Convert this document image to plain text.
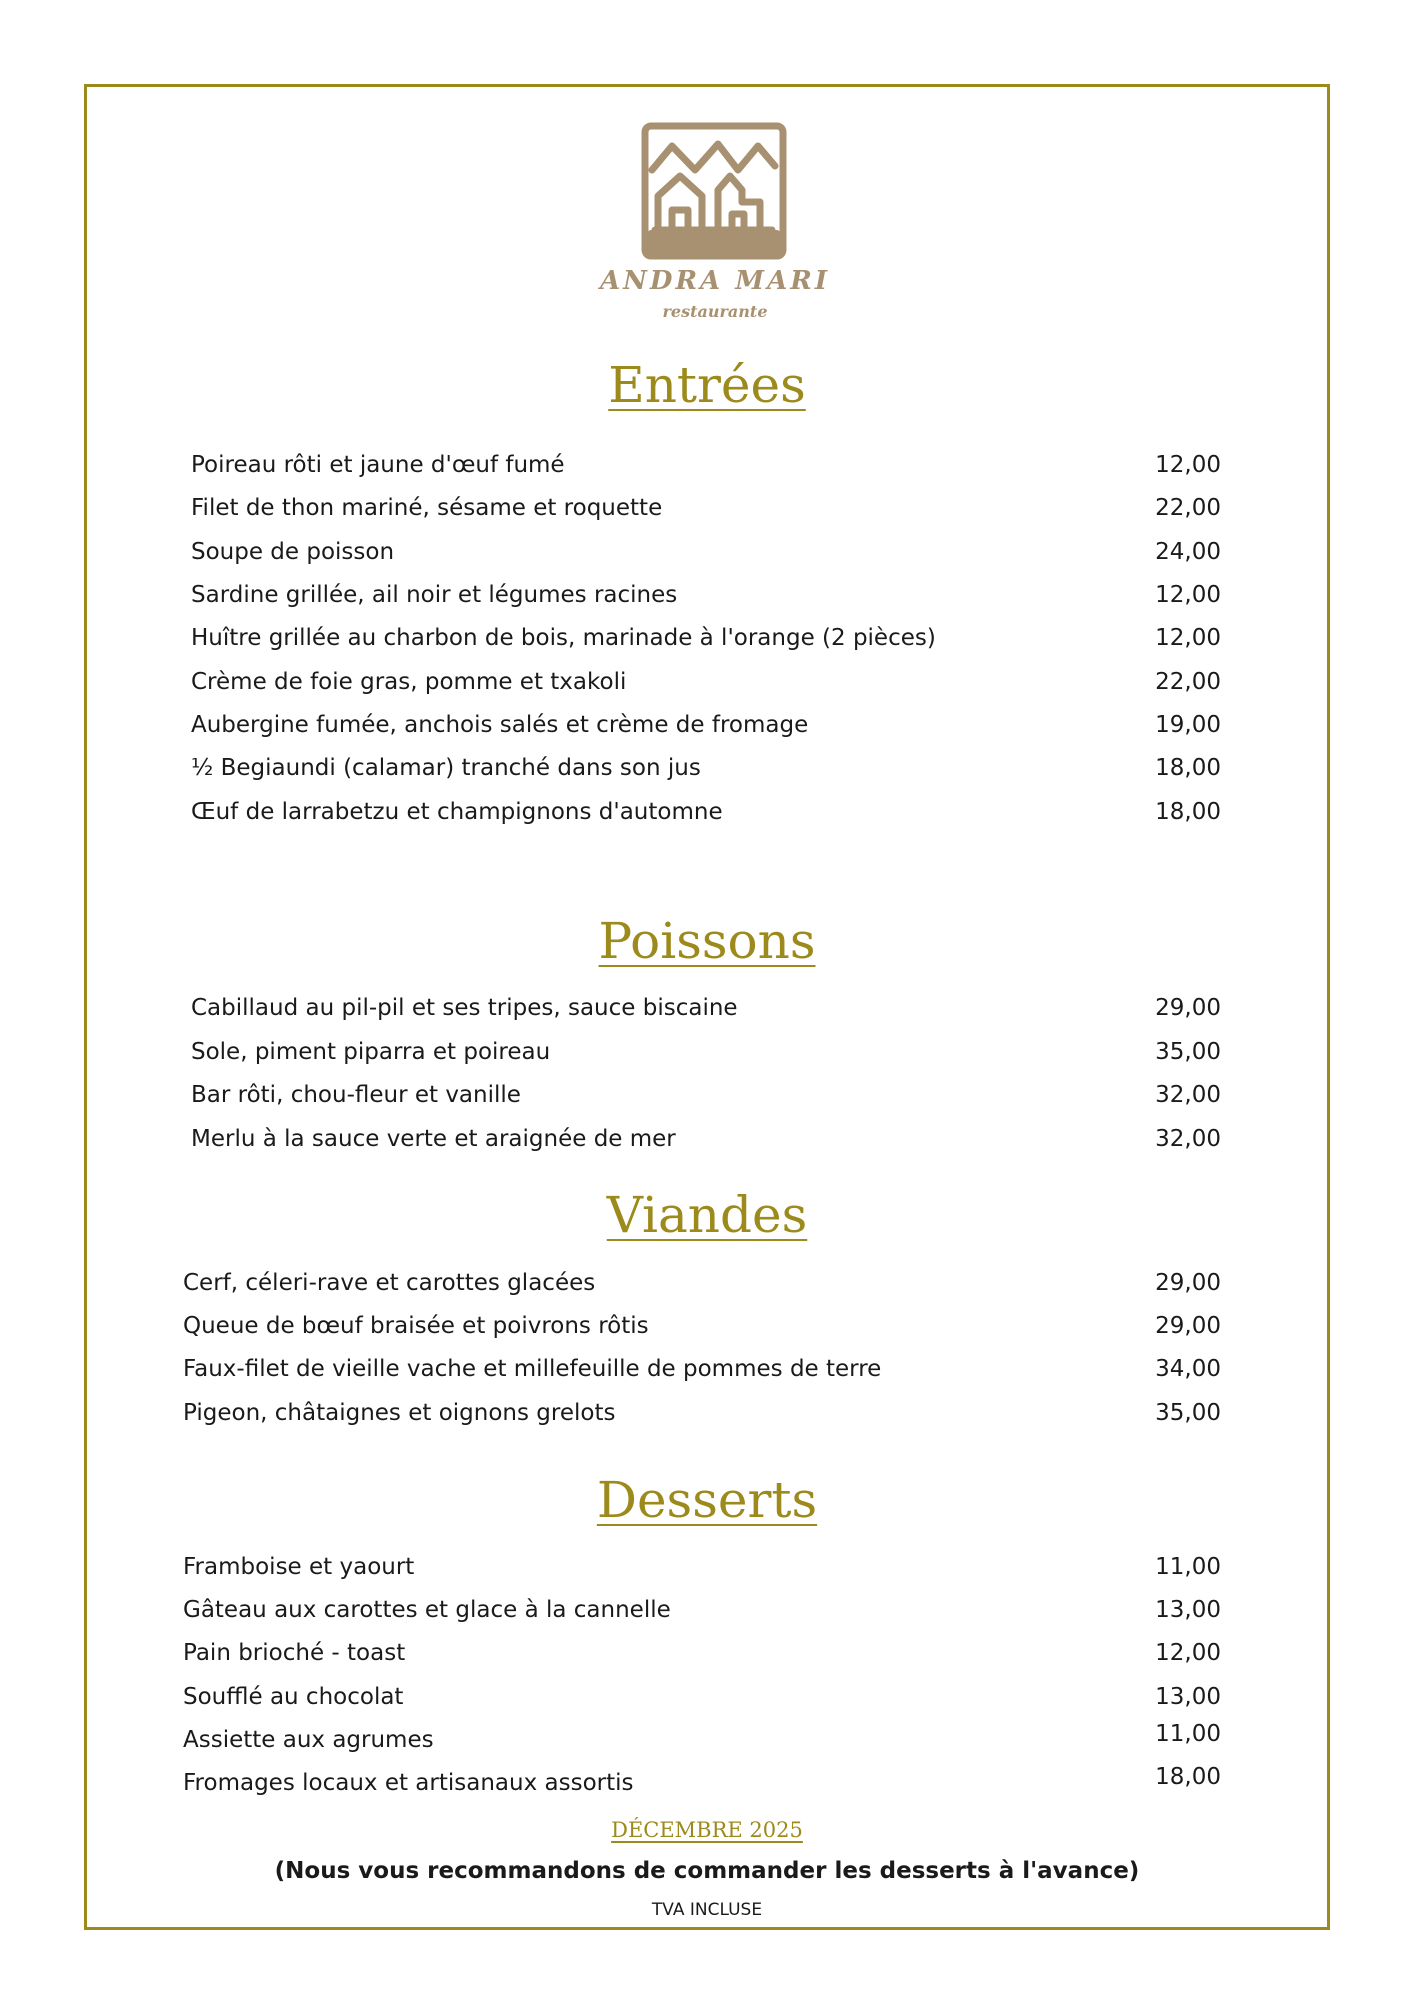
ANDRA MARI
restaurante
Entrées
Poireau rôti et jaune d'œuf fumé	12,00
Filet de thon mariné, sésame et roquette	22,00
Soupe de poisson	24,00
Sardine grillée, ail noir et légumes racines	12,00
Huître grillée au charbon de bois, marinade à l'orange (2 pièces)	12,00
Crème de foie gras, pomme et txakoli	22,00
Aubergine fumée, anchois salés et crème de fromage	19,00
½ Begiaundi (calamar) tranché dans son jus	18,00
Œuf de larrabetzu et champignons d'automne	18,00
Poissons
Cabillaud au pil-pil et ses tripes, sauce biscaine	29,00
Sole, piment piparra et poireau	35,00
Bar rôti, chou-fleur et vanille	32,00
Merlu à la sauce verte et araignée de mer	32,00
Viandes
Cerf, céleri-rave et carottes glacées	29,00
Queue de bœuf braisée et poivrons rôtis	29,00
Faux-filet de vieille vache et millefeuille de pommes de terre	34,00
Pigeon, châtaignes et oignons grelots	35,00
Desserts
Framboise et yaourt	11,00
Gâteau aux carottes et glace à la cannelle	13,00
Pain brioché - toast	12,00
Soufflé au chocolat	13,00
Assiette aux agrumes	11,00
Fromages locaux et artisanaux assortis	18,00
DÉCEMBRE 2025
(Nous vous recommandons de commander les desserts à l'avance)
TVA INCLUSE
